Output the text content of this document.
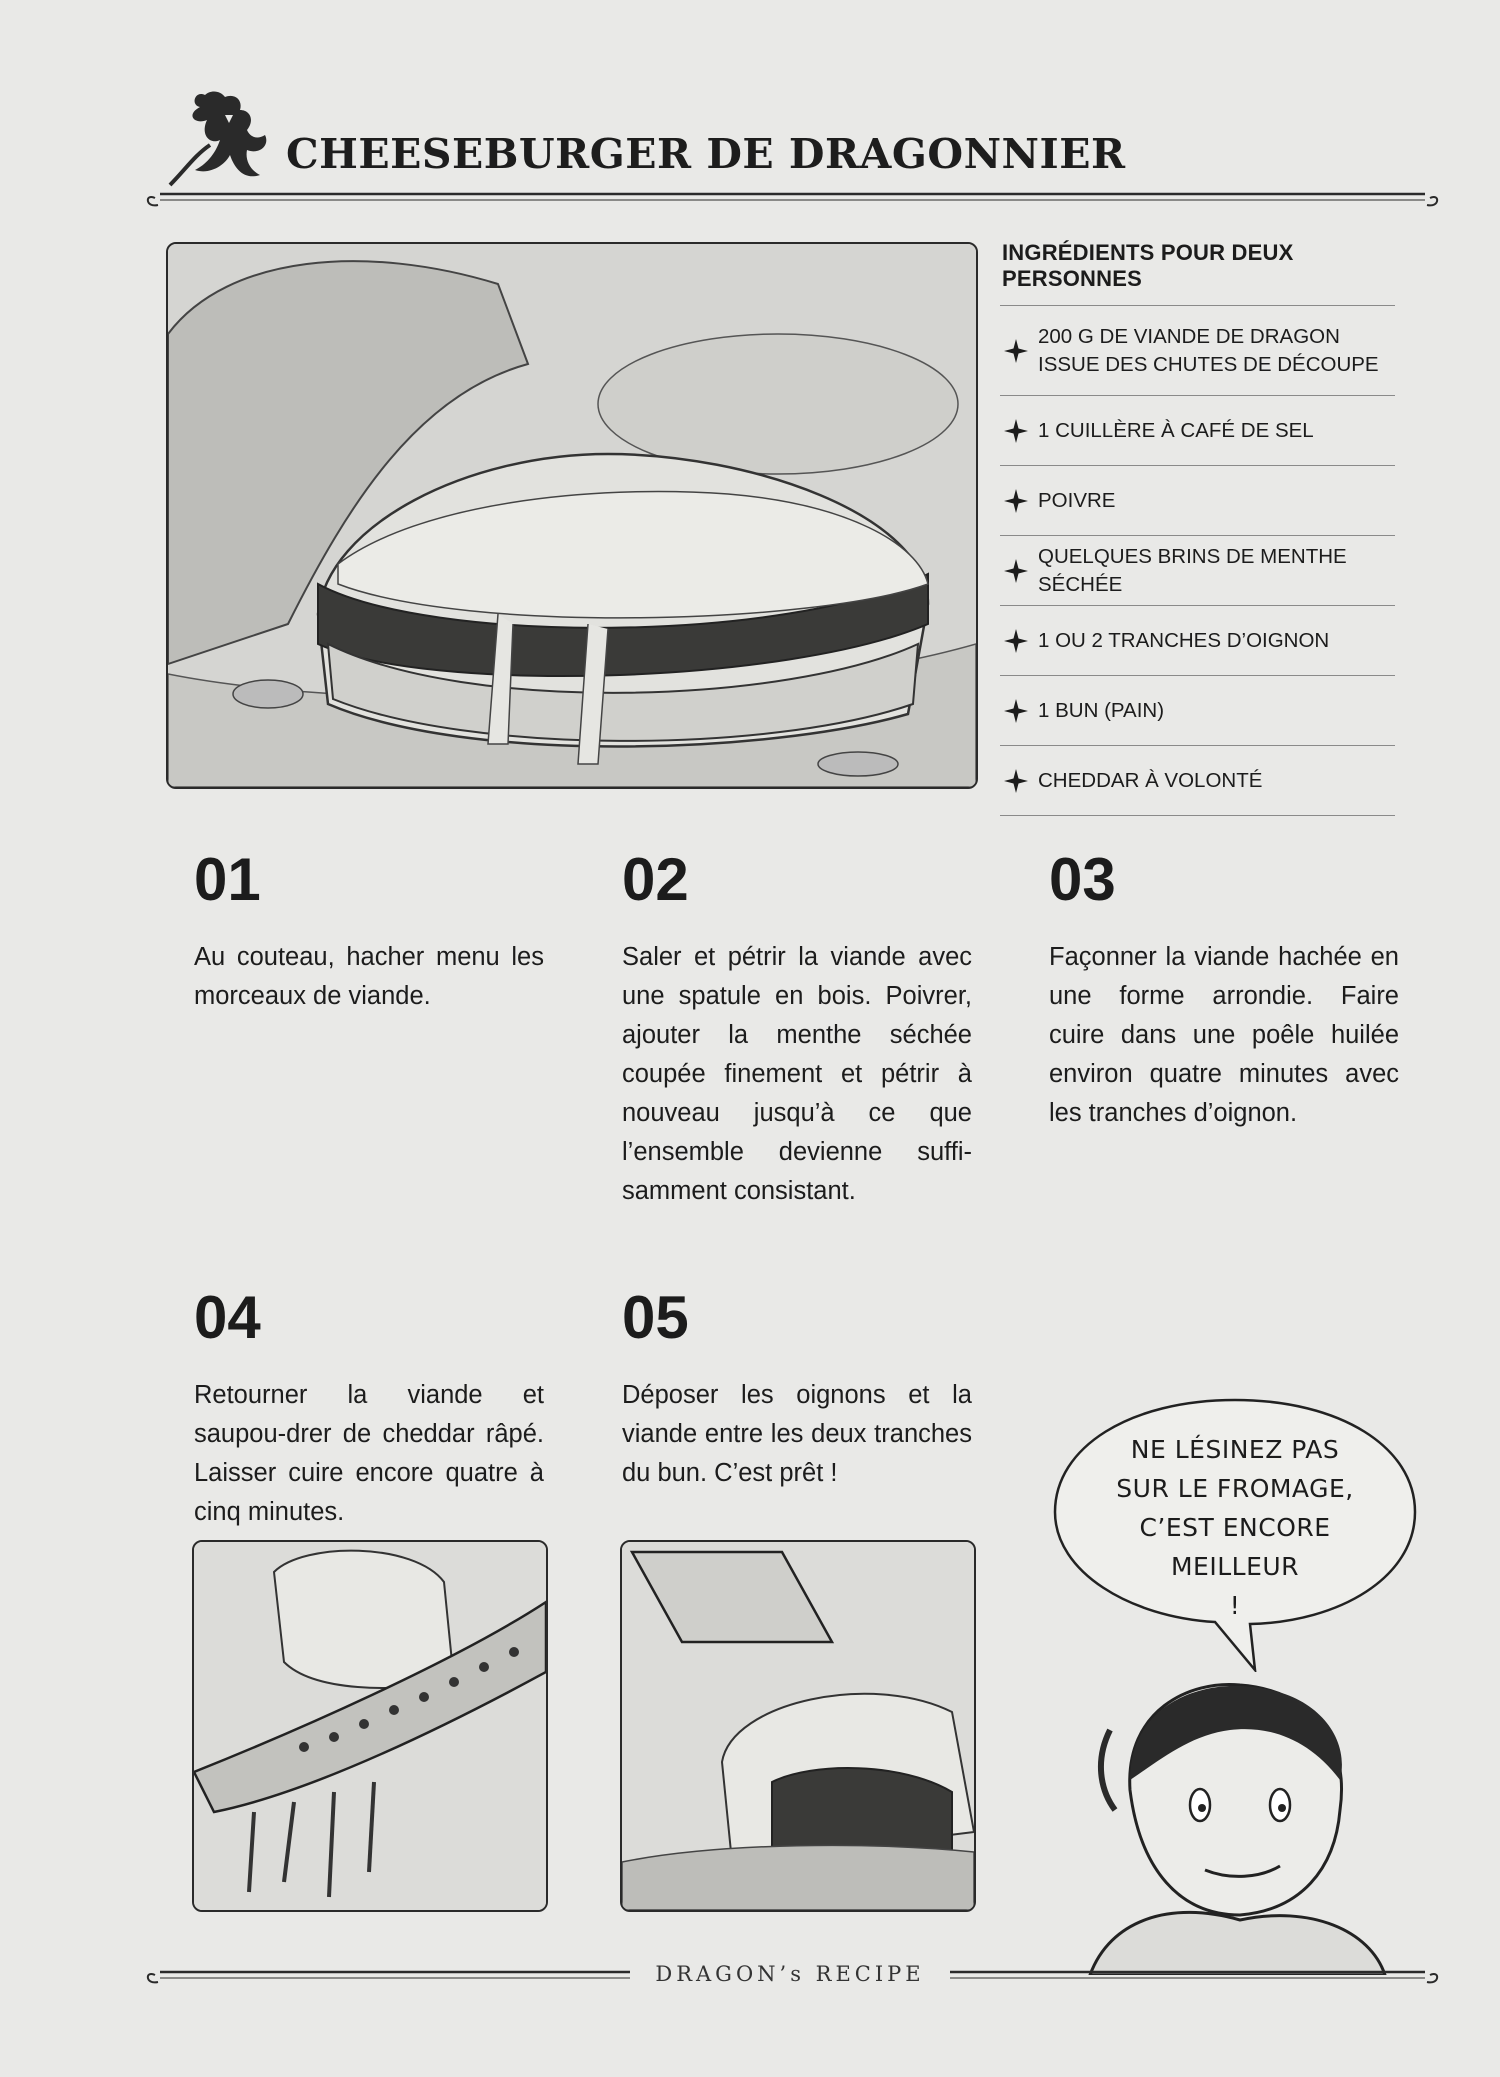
CHEESEBURGER DE DRAGONNIER
INGRÉDIENTS POUR DEUX PERSONNES
200 G DE VIANDE DE DRAGON
ISSUE DES CHUTES DE DÉCOUPE
1 CUILLÈRE À CAFÉ DE SEL
POIVRE
QUELQUES BRINS DE MENTHE SÉCHÉE
1 OU 2 TRANCHES D’OIGNON
1 BUN (PAIN)
CHEDDAR À VOLONTÉ
01

Au couteau, hacher menu les morceaux de viande.

02

Saler et pétrir la viande avec une spatule en bois. Poivrer, ajouter la menthe séchée coupée finement et pétrir à nouveau jusqu’à ce que l’ensemble devienne suffi-samment consistant.

03

Façonner la viande hachée en une forme arrondie. Faire cuire dans une poêle huilée environ quatre minutes avec les tranches d’oignon.

04

Retourner la viande et saupou-drer de cheddar râpé. Laisser cuire encore quatre à cinq minutes.

05

Déposer les oignons et la viande entre les deux tranches du bun. C’est prêt !

NE LÉSINEZ PAS
SUR LE FROMAGE,
C’EST ENCORE
MEILLEUR
!
DRAGON’s RECIPE
